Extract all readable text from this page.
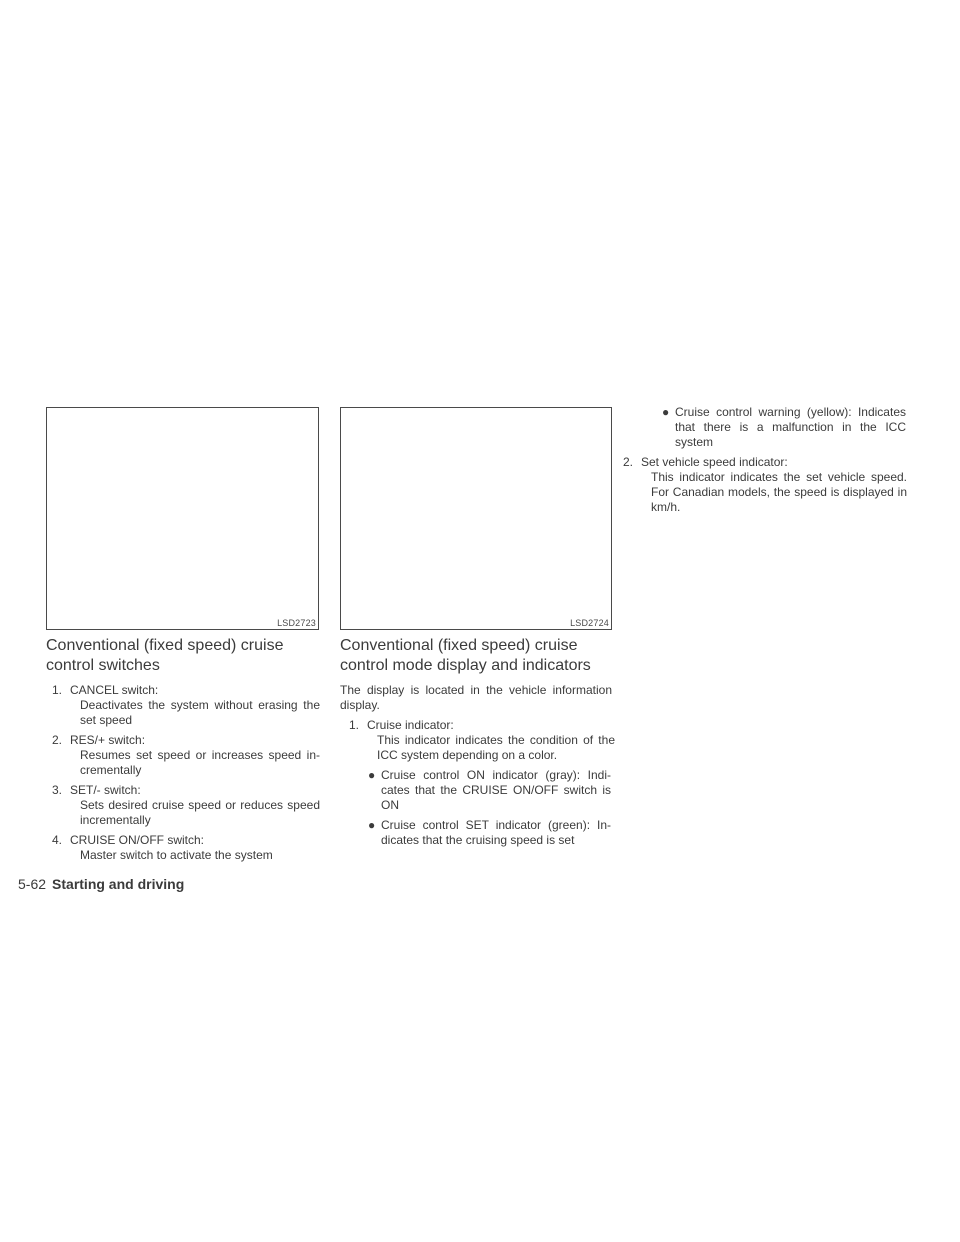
LSD2723	LSD2724
Conventional (fixed speed) cruise
control switches
1. CANCEL switch:
Deactivates the system without erasing the set speed
2. RES/+ switch:
Resumes set speed or increases speed in- crementally
3. SET/- switch:
Sets desired cruise speed or reduces speed incrementally
4. CRUISE ON/OFF switch:
Master switch to activate the system
Conventional (fixed speed) cruise
control mode display and indicators

The display is located in the vehicle information display.

1. Cruise indicator:
This indicator indicates the condition of the ICC system depending on a color.
● Cruise control ON indicator (gray): Indi- cates that the CRUISE ON/OFF switch is ON
● Cruise control SET indicator (green): In- dicates that the cruising speed is set
● Cruise control warning (yellow): Indicates that there is a malfunction in the ICC system
2. Set vehicle speed indicator:
This indicator indicates the set vehicle speed. For Canadian models, the speed is displayed in km/h.
5-62 Starting and driving
